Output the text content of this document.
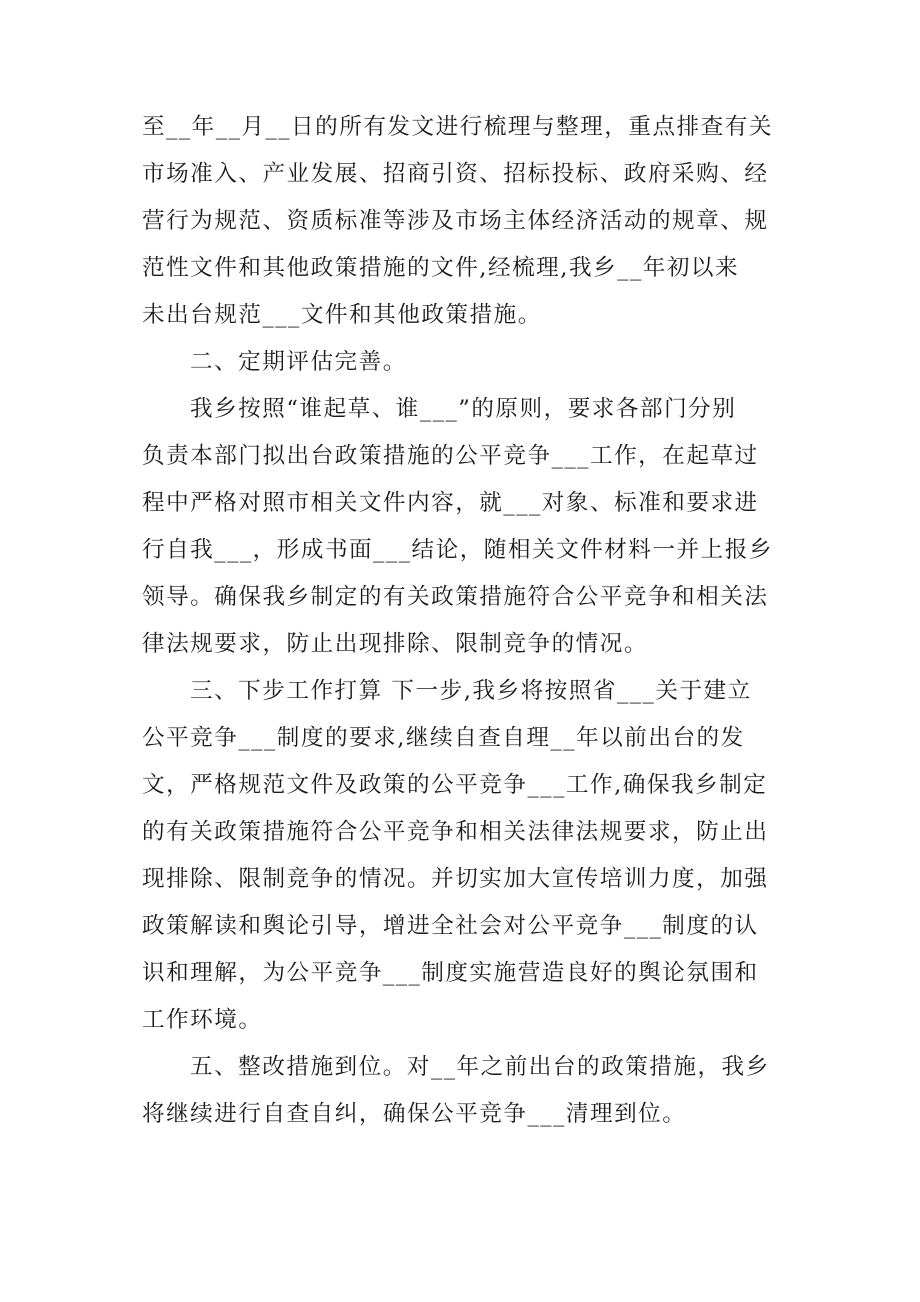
至__年__月__日的所有发文进行梳理与整理，重点排查有关

市场准入、产业发展、招商引资、招标投标、政府采购、经

营行为规范、资质标准等涉及市场主体经济活动的规章、规

范性文件和其他政策措施的文件,经梳理,我乡__年初以来

未出台规范___文件和其他政策措施。

二、定期评估完善。

我乡按照“谁起草、谁___”的原则，要求各部门分别

负责本部门拟出台政策措施的公平竞争___工作，在起草过

程中严格对照市相关文件内容，就___对象、标准和要求进

行自我___，形成书面___结论，随相关文件材料一并上报乡

领导。确保我乡制定的有关政策措施符合公平竞争和相关法

律法规要求，防止出现排除、限制竞争的情况。

三、下步工作打算 下一步,我乡将按照省___关于建立

公平竞争___制度的要求,继续自查自理__年以前出台的发

文，严格规范文件及政策的公平竞争___工作,确保我乡制定

的有关政策措施符合公平竞争和相关法律法规要求，防止出

现排除、限制竞争的情况。并切实加大宣传培训力度，加强

政策解读和舆论引导，增进全社会对公平竞争___制度的认

识和理解，为公平竞争___制度实施营造良好的舆论氛围和

工作环境。

五、整改措施到位。对__年之前出台的政策措施，我乡

将继续进行自查自纠，确保公平竞争___清理到位。
